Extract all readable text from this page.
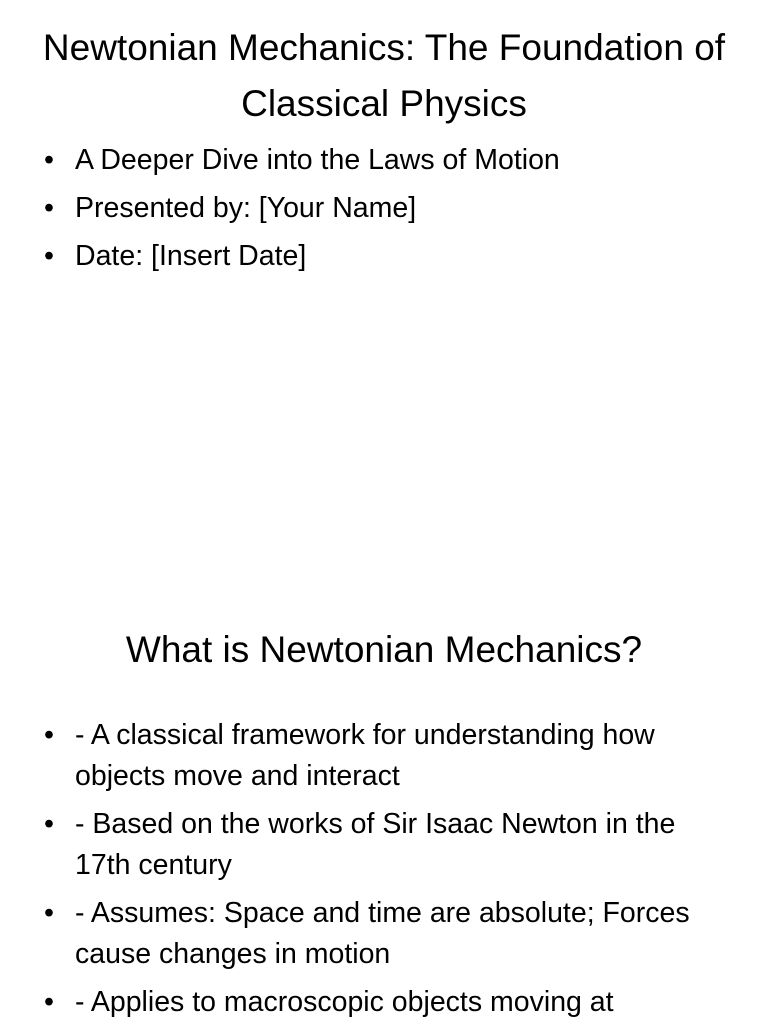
Newtonian Mechanics: The Foundation of Classical Physics
• A Deeper Dive into the Laws of Motion
• Presented by: [Your Name]
• Date: [Insert Date]
What is Newtonian Mechanics?
• - A classical framework for understanding how objects move and interact
• - Based on the works of Sir Isaac Newton in the 17th century
• - Assumes: Space and time are absolute; Forces cause changes in motion
• - Applies to macroscopic objects moving at
